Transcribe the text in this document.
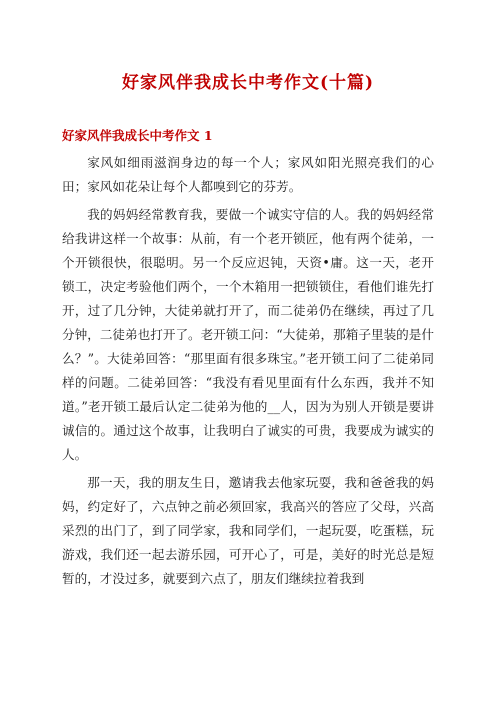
好家风伴我成长中考作文(十篇)
好家风伴我成长中考作文 1

家风如细雨滋润身边的每一个人；家风如阳光照亮我们的心田；家风如花朵让每个人都嗅到它的芬芳。

我的妈妈经常教育我，要做一个诚实守信的人。我的妈妈经常给我讲这样一个故事：从前，有一个老开锁匠，他有两个徒弟，一个开锁很快，很聪明。另一个反应迟钝，天资•庸。这一天，老开锁工，决定考验他们两个，一个木箱用一把锁锁住，看他们谁先打开，过了几分钟，大徒弟就打开了，而二徒弟仍在继续，再过了几分钟，二徒弟也打开了。老开锁工问：“大徒弟，那箱子里装的是什么？”。大徒弟回答：“那里面有很多珠宝。”老开锁工问了二徒弟同样的问题。二徒弟回答：“我没有看见里面有什么东西，我并不知道。”老开锁工最后认定二徒弟为他的__人，因为为别人开锁是要讲诚信的。通过这个故事，让我明白了诚实的可贵，我要成为诚实的人。

那一天，我的朋友生日，邀请我去他家玩耍，我和爸爸我的妈妈，约定好了，六点钟之前必须回家，我高兴的答应了父母，兴高采烈的出门了，到了同学家，我和同学们，一起玩耍，吃蛋糕，玩游戏，我们还一起去游乐园，可开心了，可是，美好的时光总是短暂的，才没过多，就要到六点了，朋友们继续拉着我到
